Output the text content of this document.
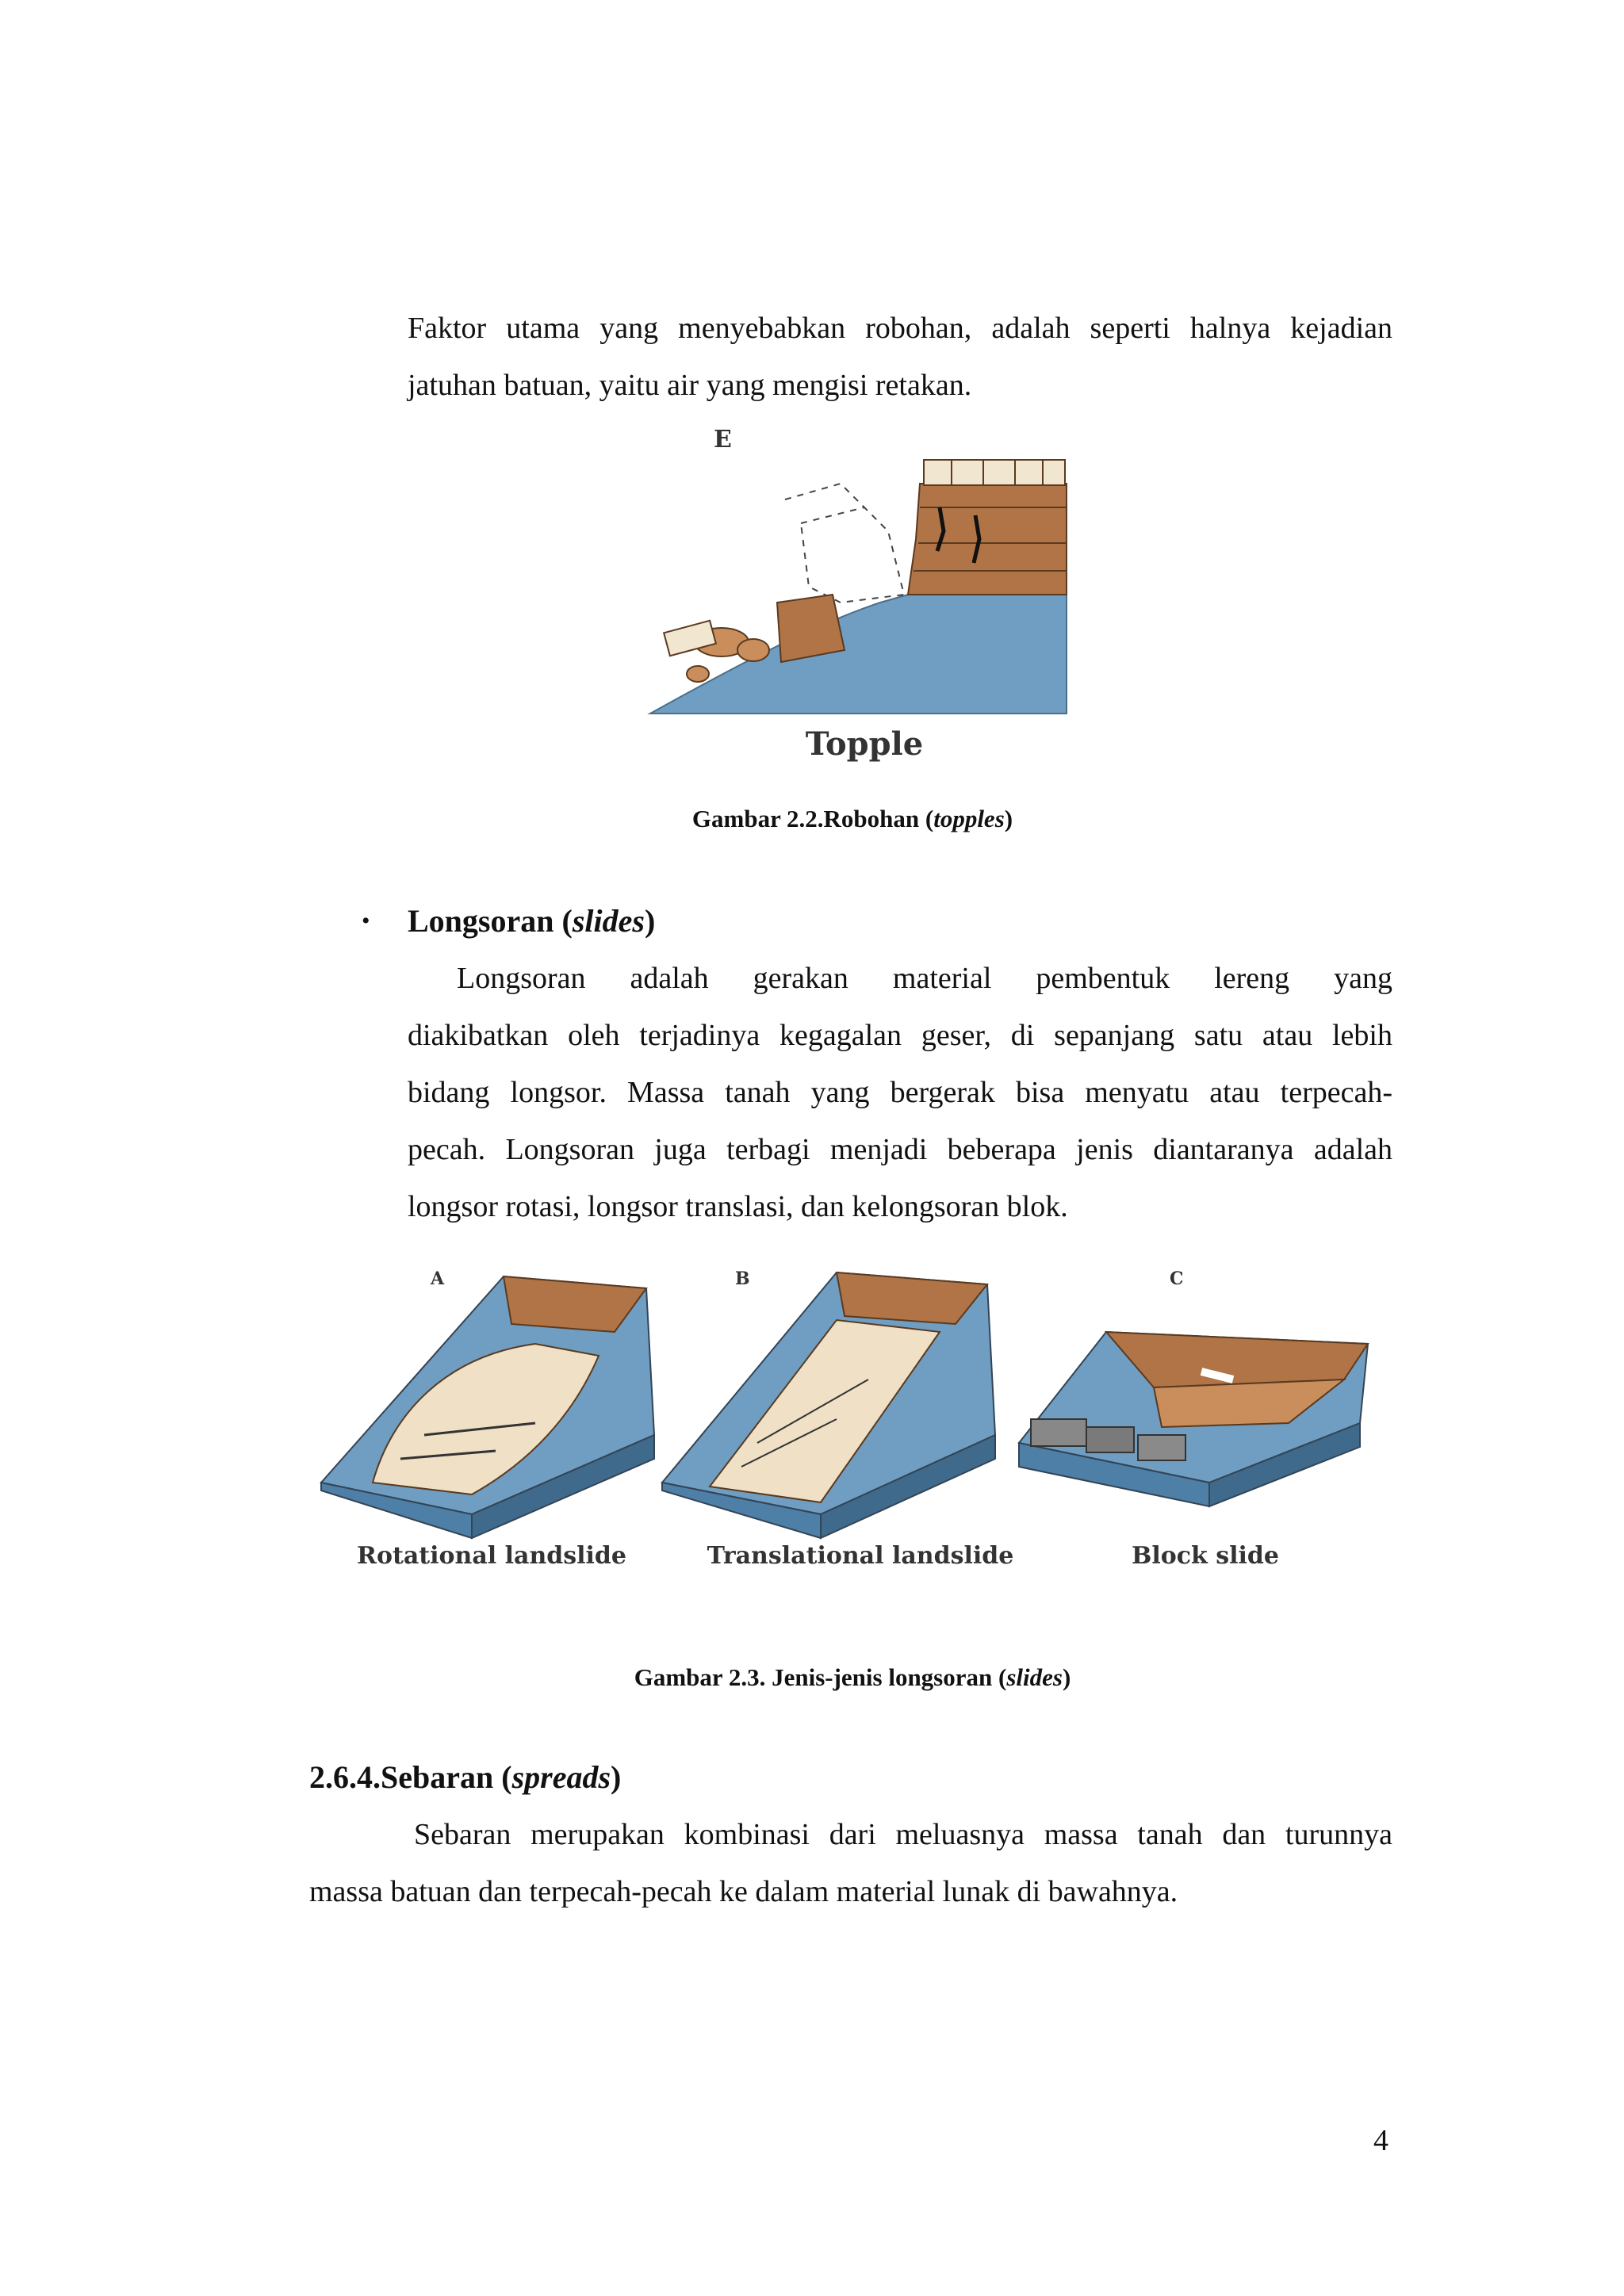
Faktor utama yang menyebabkan robohan, adalah seperti halnya kejadian
jatuhan batuan, yaitu air yang mengisi retakan.
E
Topple
Gambar 2.2.Robohan (topples)
• Longsoran (slides)
Longsoran adalah gerakan material pembentuk lereng yang
diakibatkan oleh terjadinya kegagalan geser, di sepanjang satu atau lebih
bidang longsor. Massa tanah yang bergerak bisa menyatu atau terpecah-
pecah. Longsoran juga terbagi menjadi beberapa jenis diantaranya adalah
longsor rotasi, longsor translasi, dan kelongsoran blok.
A	B	C
Rotational landslide	Translational landslide	Block slide
Gambar 2.3. Jenis-jenis longsoran (slides)
2.6.4.Sebaran (spreads)
Sebaran merupakan kombinasi dari meluasnya massa tanah dan turunnya
massa batuan dan terpecah-pecah ke dalam material lunak di bawahnya.
4
